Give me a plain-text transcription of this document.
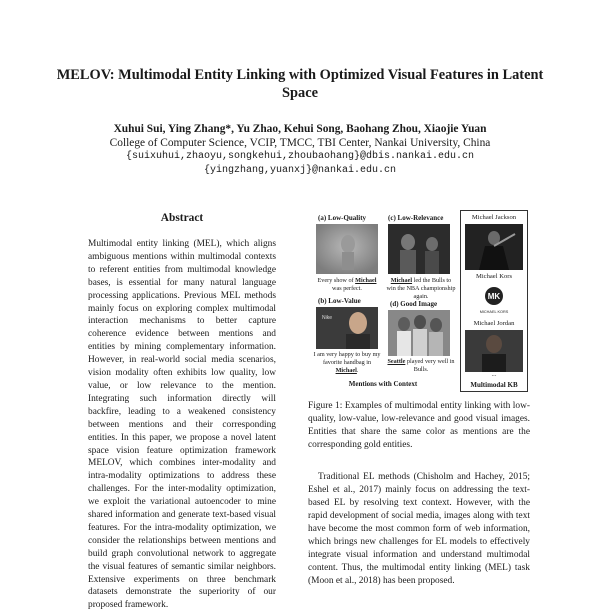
MELOV: Multimodal Entity Linking with Optimized Visual Features in Latent Space
Xuhui Sui, Ying Zhang*, Yu Zhao, Kehui Song, Baohang Zhou, Xiaojie Yuan
College of Computer Science, VCIP, TMCC, TBI Center, Nankai University, China
{suixuhui,zhaoyu,songkehui,zhoubaohang}@dbis.nankai.edu.cn
{yingzhang,yuanxj}@nankai.edu.cn
Abstract
Multimodal entity linking (MEL), which aligns ambiguous mentions within multimodal contexts to referent entities from multimodal knowledge bases, is essential for many natural language processing applications. Previous MEL methods mainly focus on exploring complex multimodal interaction mechanisms to better capture coherence evidence between mentions and entities by mining complementary information. However, in real-world social media scenarios, vision modality often exhibits low quality, low value, or low relevance to the mention. Integrating such information directly will backfire, leading to a weakened consistency between mentions and their corresponding entities. In this paper, we propose a novel latent space vision feature optimization framework MELOV, which combines inter-modality and intra-modality optimizations to address these challenges. For the inter-modality optimization, we exploit the variational autoencoder to mine shared information and generate text-based visual features. For the intra-modality optimization, we consider the relationships between mentions and build graph convolutional network to aggregate the visual features of semantic similar neighbors. Extensive experiments on three benchmark datasets demonstrate the superiority of our proposed framework.
(a) Low-Quality
Every show of Michael was perfect.
(b) Low-Value
Nike
I am very happy to buy my favorite handbag in Michael.
(c) Low-Relevance
Michael led the Bulls to win the NBA championship again.
(d) Good Image
Seattle played very well in Bulls.
Mentions with Context
Michael Jackson
Michael Kors
MK
MICHAEL KORS
Michael Jordan
...
Multimodal KB
Figure 1: Examples of multimodal entity linking with low-quality, low-value, low-relevance and good visual images. Entities that share the same color as mentions are the corresponding gold entities.
Traditional EL methods (Chisholm and Hachey, 2015; Eshel et al., 2017) mainly focus on addressing the text-based EL by resolving text context. However, with the rapid development of social media, images along with text have become the most common form of web information, which brings new challenges for EL models to effectively integrate visual information and understand multimodal content. Thus, the multimodal entity linking (MEL) task (Moon et al., 2018) has been proposed.
